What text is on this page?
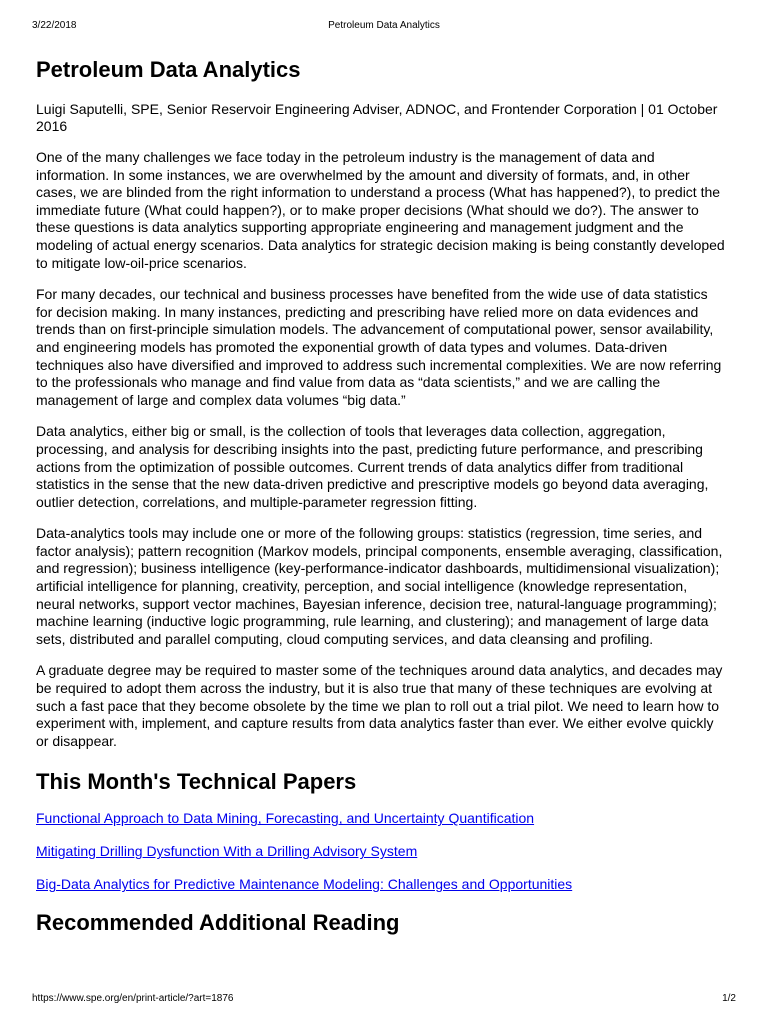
3/22/2018	Petroleum Data Analytics
Petroleum Data Analytics

Luigi Saputelli, SPE, Senior Reservoir Engineering Adviser, ADNOC, and Frontender Corporation | 01 October 2016

One of the many challenges we face today in the petroleum industry is the management of data and information. In some instances, we are overwhelmed by the amount and diversity of formats, and, in other cases, we are blinded from the right information to understand a process (What has happened?), to predict the immediate future (What could happen?), or to make proper decisions (What should we do?). The answer to these questions is data analytics supporting appropriate engineering and management judgment and the modeling of actual energy scenarios. Data analytics for strategic decision making is being constantly developed to mitigate low-oil-price scenarios.

For many decades, our technical and business processes have benefited from the wide use of data statistics for decision making. In many instances, predicting and prescribing have relied more on data evidences and trends than on first-principle simulation models. The advancement of computational power, sensor availability, and engineering models has promoted the exponential growth of data types and volumes. Data-driven techniques also have diversified and improved to address such incremental complexities. We are now referring to the professionals who manage and find value from data as “data scientists,” and we are calling the management of large and complex data volumes “big data.”

Data analytics, either big or small, is the collection of tools that leverages data collection, aggregation, processing, and analysis for describing insights into the past, predicting future performance, and prescribing actions from the optimization of possible outcomes. Current trends of data analytics differ from traditional statistics in the sense that the new data-driven predictive and prescriptive models go beyond data averaging, outlier detection, correlations, and multiple-parameter regression fitting.

Data-analytics tools may include one or more of the following groups: statistics (regression, time series, and factor analysis); pattern recognition (Markov models, principal components, ensemble averaging, classification, and regression); business intelligence (key-performance-indicator dashboards, multidimensional visualization); artificial intelligence for planning, creativity, perception, and social intelligence (knowledge representation, neural networks, support vector machines, Bayesian inference, decision tree, natural-language programming); machine learning (inductive logic programming, rule learning, and clustering); and management of large data sets, distributed and parallel computing, cloud computing services, and data cleansing and profiling.

A graduate degree may be required to master some of the techniques around data analytics, and decades may be required to adopt them across the industry, but it is also true that many of these techniques are evolving at such a fast pace that they become obsolete by the time we plan to roll out a trial pilot. We need to learn how to experiment with, implement, and capture results from data analytics faster than ever. We either evolve quickly or disappear.

This Month's Technical Papers
Functional Approach to Data Mining, Forecasting, and Uncertainty Quantification
Mitigating Drilling Dysfunction With a Drilling Advisory System
Big-Data Analytics for Predictive Maintenance Modeling: Challenges and Opportunities
Recommended Additional Reading
https://www.spe.org/en/print-article/?art=1876	1/2
